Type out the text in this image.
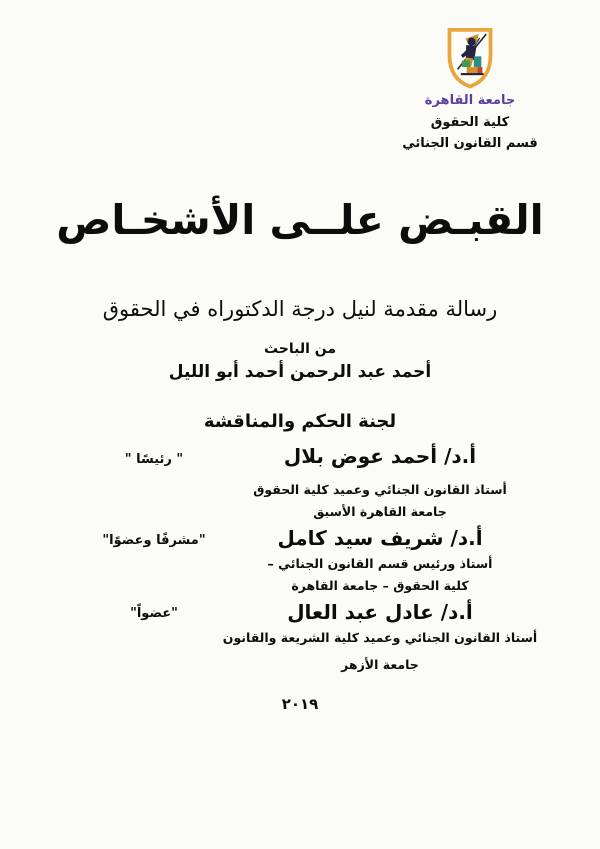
جامعة القاهرة
كلية الحقوق
قسم القانون الجنائي
القبـض علــى الأشخـاص
رسالة مقدمة لنيل درجة الدكتوراه في الحقوق
من الباحث
أحمد عبد الرحمن أحمد أبو الليل
لجنة الحكم والمناقشة
أ.د/ أحمد عوض بلال
" رئيسًا "
أستاذ القانون الجنائي وعميد كلية الحقوق
جامعة القاهرة الأسبق
أ.د/ شريف سيد كامل
"مشرفًا وعضوًا"
أستاذ ورئيس قسم القانون الجنائي –
كلية الحقوق – جامعة القاهرة
أ.د/ عادل عبد العال
"عضواً"
أستاذ القانون الجنائي وعميد كلية الشريعة والقانون
جامعة الأزهر
٢٠١٩
